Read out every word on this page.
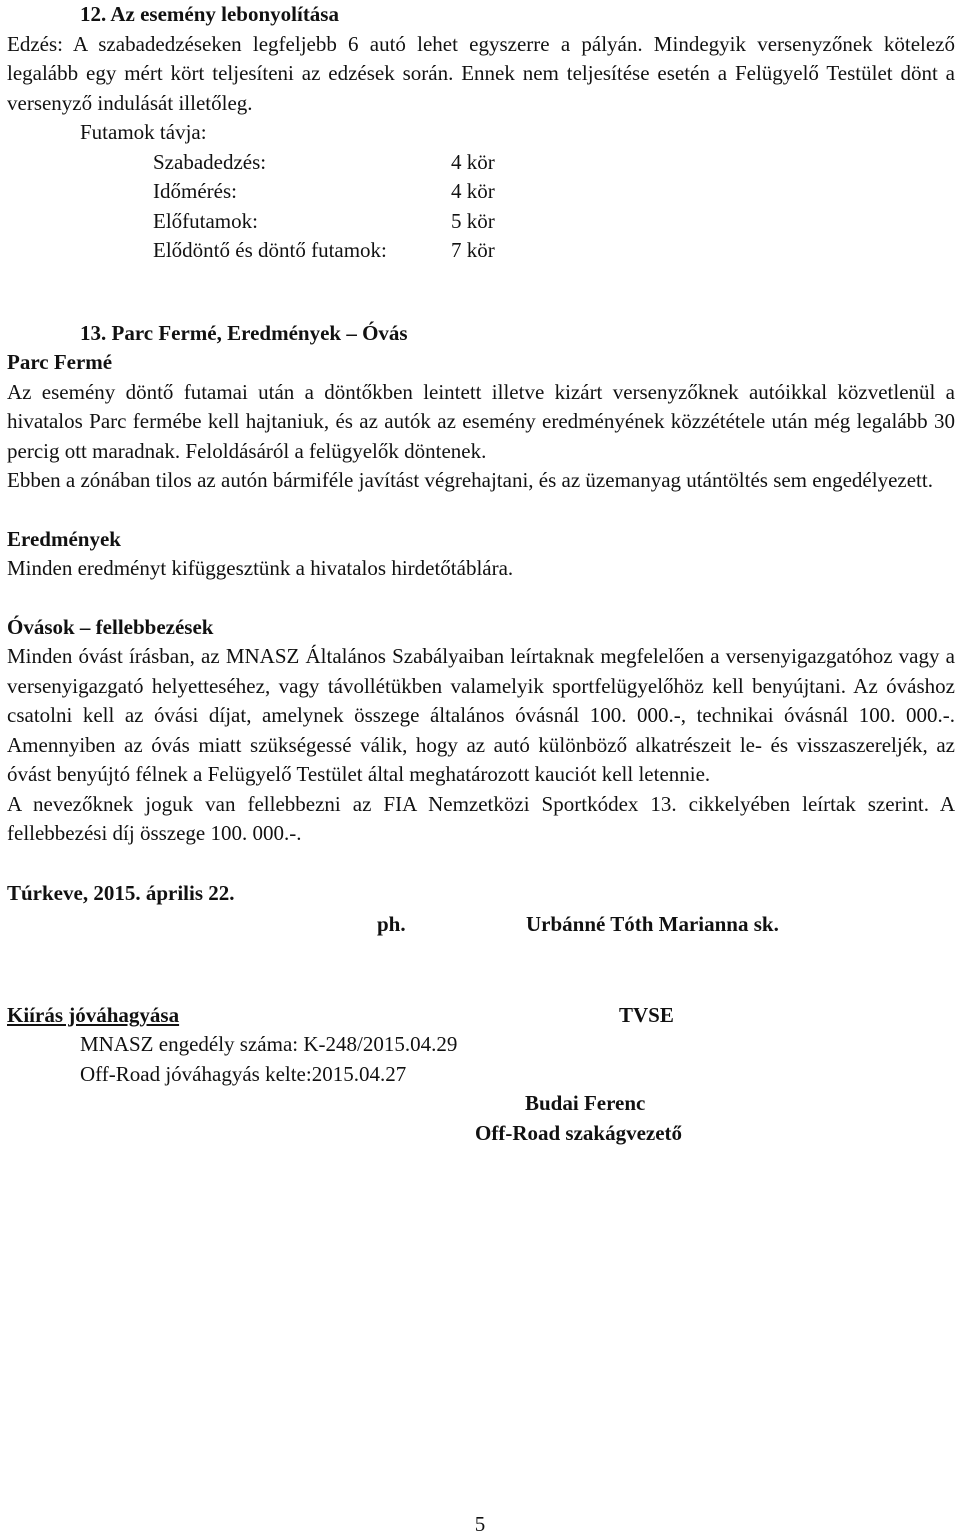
12. Az esemény lebonyolítása

Edzés: A szabadedzéseken legfeljebb 6 autó lehet egyszerre a pályán. Mindegyik versenyzőnek kötelező legalább egy mért kört teljesíteni az edzések során. Ennek nem teljesítése esetén a Felügyelő Testület dönt a versenyző indulását illetőleg.

Futamok távja:

Szabadedzés:	4 kör
Időmérés:	4 kör
Előfutamok:	5 kör
Elődöntő és döntő futamok:	7 kör

13. Parc Fermé, Eredmények – Óvás

Parc Fermé

Az esemény döntő futamai után a döntőkben leintett illetve kizárt versenyzőknek autóikkal közvetlenül a hivatalos Parc fermébe kell hajtaniuk, és az autók az esemény eredményének közzététele után még legalább 30 percig ott maradnak. Feloldásáról a felügyelők döntenek.

Ebben a zónában tilos az autón bármiféle javítást végrehajtani, és az üzemanyag utántöltés sem engedélyezett.

Eredmények

Minden eredményt kifüggesztünk a hivatalos hirdetőtáblára.

Óvások – fellebbezések

Minden óvást írásban, az MNASZ Általános Szabályaiban leírtaknak megfelelően a versenyigazgatóhoz vagy a versenyigazgató helyetteséhez, vagy távollétükben valamelyik sportfelügyelőhöz kell benyújtani. Az óváshoz csatolni kell az óvási díjat, amelynek összege általános óvásnál 100. 000.-, technikai óvásnál 100. 000.-. Amennyiben az óvás miatt szükségessé válik, hogy az autó különböző alkatrészeit le- és visszaszereljék, az óvást benyújtó félnek a Felügyelő Testület által meghatározott kauciót kell letennie.

A nevezőknek joguk van fellebbezni az FIA Nemzetközi Sportkódex 13. cikkelyében leírtak szerint. A fellebbezési díj összege 100. 000.-.

Túrkeve, 2015. április 22.

ph.	Urbánné Tóth Marianna sk.
Kiírás jóváhagyása	TVSE

MNASZ engedély száma: K-248/2015.04.29

Off-Road jóváhagyás kelte:2015.04.27

Budai Ferenc

Off-Road szakágvezető

5
